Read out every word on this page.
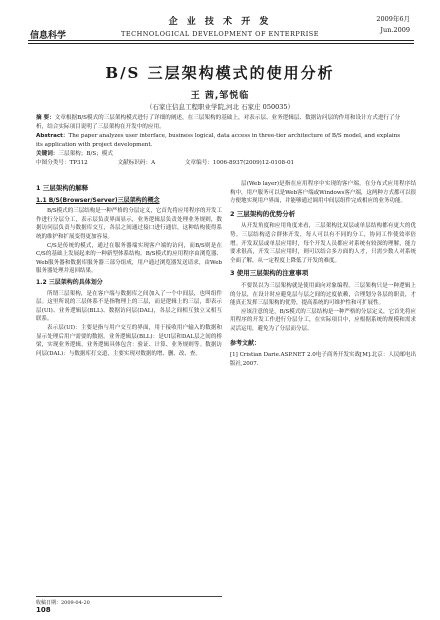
信息科学
企 业 技 术 开 发
TECHNOLOGICAL DEVELOPMENT OF ENTERPRISE
2009年6月
Jun.2009
B/S 三层架构模式的使用分析
王 茜,邹悦临
（石家庄信息工程职业学院,河北 石家庄 050035）
摘 要：文章根据B/S模式的三层架构模式进行了详细的阐述，在三层架构的基础上，对表示层、业务逻辑层、数据访问层的作用和设计方式进行了分析，结合实际项目说明了三层架构在开发中的应用。
Abstract：The paper analyzes user interface, business logical, data access in three-tier architecture of B/S model, and explains its application with project development.
关键词：三层架构；B/S；模式
中图分类号：TP312	文献标识码：A	文章编号：1006-8937(2009)12-0108-01
1 三层架构的解释
1.1 B/S(Browser/Server)三层架构的概念

B/S模式的三层结构是一种严格的分层定义，它首先将应用程序的开发工作进行分层分工，表示层负责界面显示，业务逻辑层负责处理业务规则，数据访问层负责与数据库交互，各层之间通过接口进行通信，这种结构使得系统的维护和扩展变得更加容易。

C/S是传统的模式，通过在服务器端实现客户端的访问，而B/S则是在C/S的基础上发展起来的一种新型体系结构。B/S模式的应用程序由浏览器、Web服务器和数据库服务器三部分组成，用户通过浏览器发送请求，由Web服务器处理并返回结果。

1.2 三层架构的具体划分

所谓三层架构，是在客户端与数据库之间加入了一个中间层，也叫组件层。这里所说的三层体系不是指物理上的三层，而是逻辑上的三层，即表示层(UI)、业务逻辑层(BLL)、数据访问层(DAL)，各层之间相互独立又相互联系。

表示层(UI)：主要是指与用户交互的界面，用于接收用户输入的数据和显示处理后用户需要的数据。业务逻辑层(BLL)：是UI层和DAL层之间的桥梁，实现业务逻辑，业务逻辑具体包含：验证、计算、业务规则等。数据访问层(DAL)：与数据库打交道，主要实现对数据的增、删、改、查。

层(Web layer)是指在应用程序中实现的客户端，在分布式应用程序结构中，用户服务可以是Web客户端或Windows客户端，这两种方式都可以很方便地实现用户界面，并能够通过调用中间层组件完成相应的业务功能。

2 三层架构的优势分析

从开发角度和应用角度来看，三层架构比双层或单层结构都有更大的优势。三层结构适合群体开发，每人可以有不同的分工，协同工作使效率倍增。开发双层或单层应用时，每个开发人员都应对系统有较深的理解，能力要求很高，开发三层应用时，则可以结合多方面的人才，只需少数人对系统全面了解，从一定程度上降低了开发的难度。

3 使用三层架构的注意事项

不要误以为三层架构就是使用面向对象编程。三层架构只是一种逻辑上的分层，在设计时应避免层与层之间的过度依赖，合理划分各层的职责，才能真正发挥三层架构的优势，提高系统的可维护性和可扩展性。

应该注意的是，B/S模式的三层结构是一种严格的分层定义，它首先将应用程序的开发工作进行分层分工，在实际项目中，应根据系统的规模和需求灵活运用，避免为了分层而分层。

参考文献：

[1] Cristian Darie.ASP.NET 2.0电子商务开发实战[M].北京：人民邮电出版社,2007.

收稿日期：2009-04-20
108
